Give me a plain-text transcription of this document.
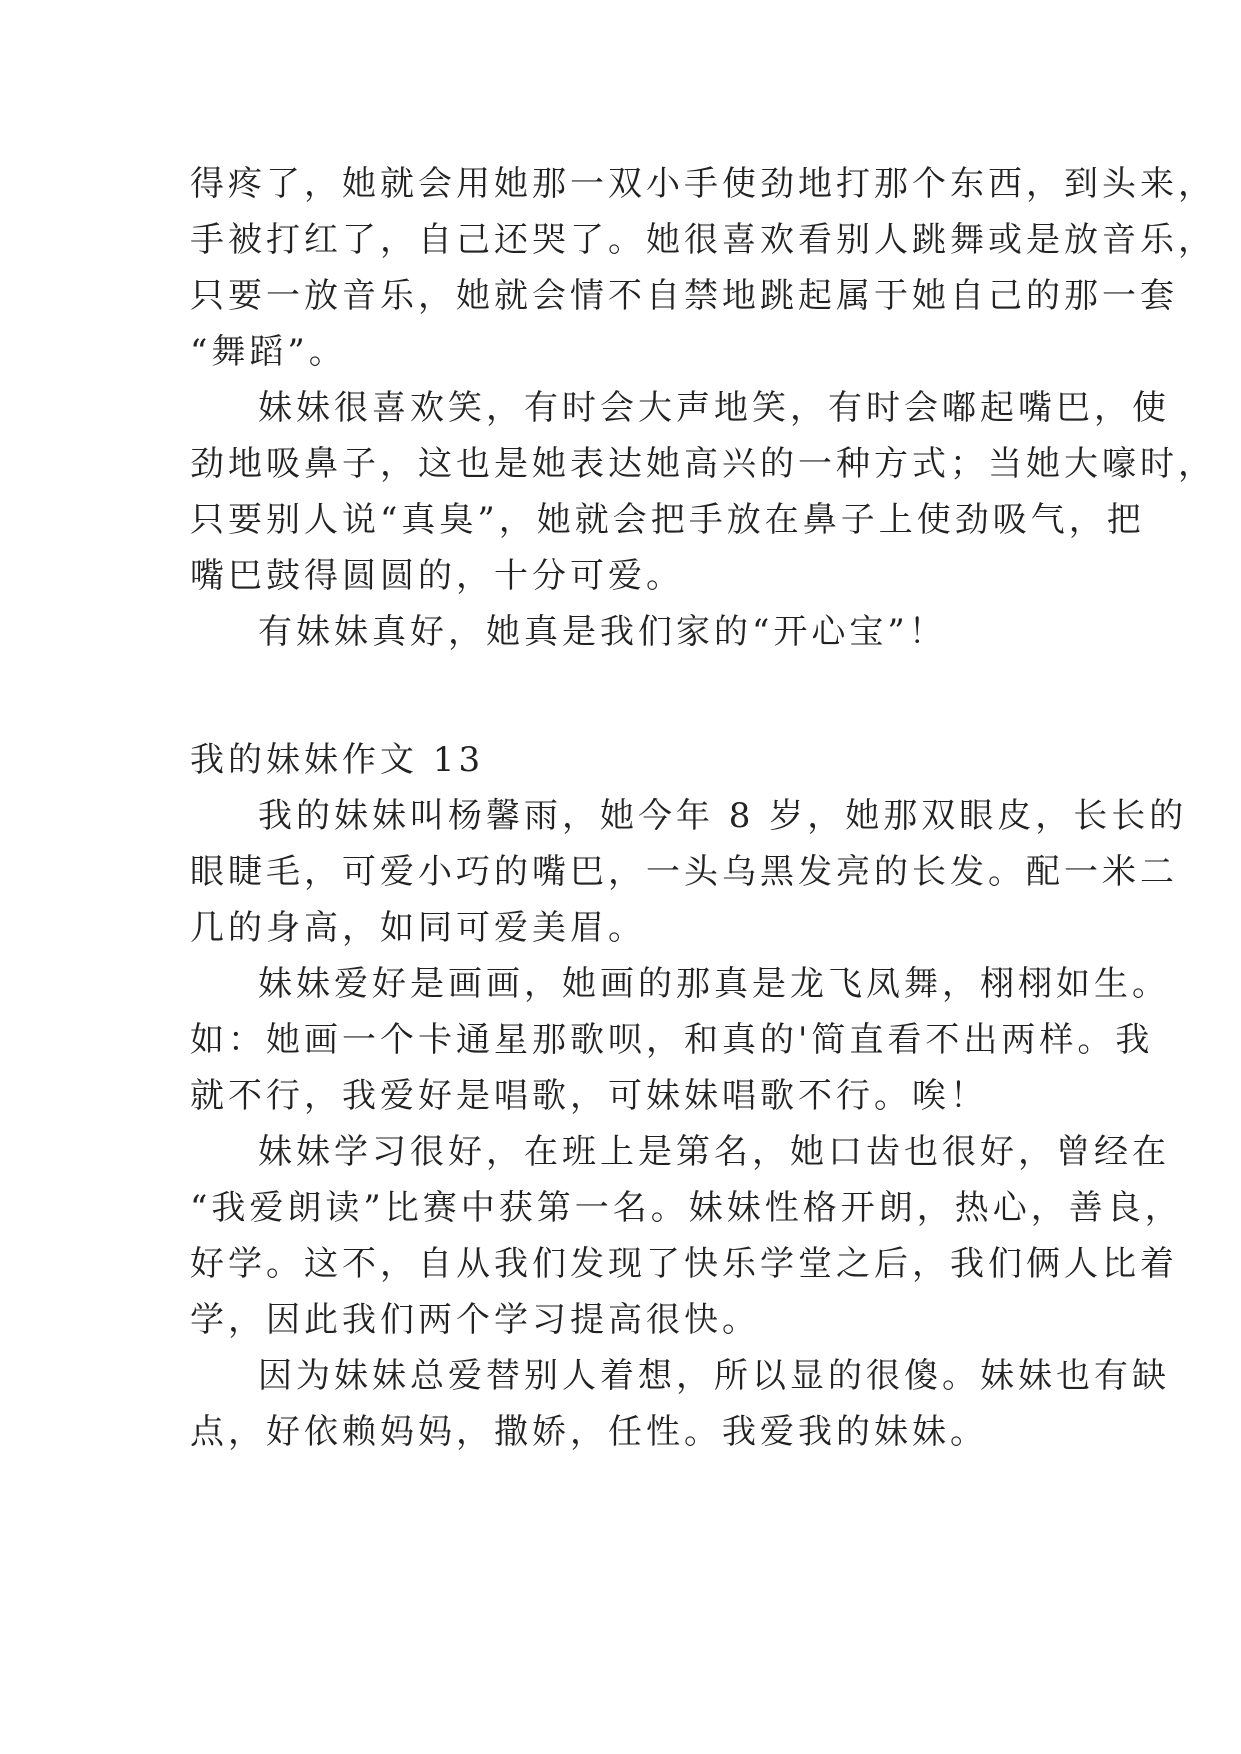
得疼了，她就会用她那一双小手使劲地打那个东西，到头来，
手被打红了，自己还哭了。她很喜欢看别人跳舞或是放音乐，
只要一放音乐，她就会情不自禁地跳起属于她自己的那一套
“舞蹈”。
妹妹很喜欢笑，有时会大声地笑，有时会嘟起嘴巴，使
劲地吸鼻子，这也是她表达她高兴的一种方式；当她大嚎时，
只要别人说“真臭”，她就会把手放在鼻子上使劲吸气，把
嘴巴鼓得圆圆的，十分可爱。
有妹妹真好，她真是我们家的“开心宝”！
我的妹妹作文 13
我的妹妹叫杨馨雨，她今年 8 岁，她那双眼皮，长长的
眼睫毛，可爱小巧的嘴巴，一头乌黑发亮的长发。配一米二
几的身高，如同可爱美眉。
妹妹爱好是画画，她画的那真是龙飞凤舞，栩栩如生。
如：她画一个卡通星那歌呗，和真的'简直看不出两样。我
就不行，我爱好是唱歌，可妹妹唱歌不行。唉！
妹妹学习很好，在班上是第名，她口齿也很好，曾经在
“我爱朗读”比赛中获第一名。妹妹性格开朗，热心，善良，
好学。这不，自从我们发现了快乐学堂之后，我们俩人比着
学，因此我们两个学习提高很快。
因为妹妹总爱替别人着想，所以显的很傻。妹妹也有缺
点，好依赖妈妈，撒娇，任性。我爱我的妹妹。
